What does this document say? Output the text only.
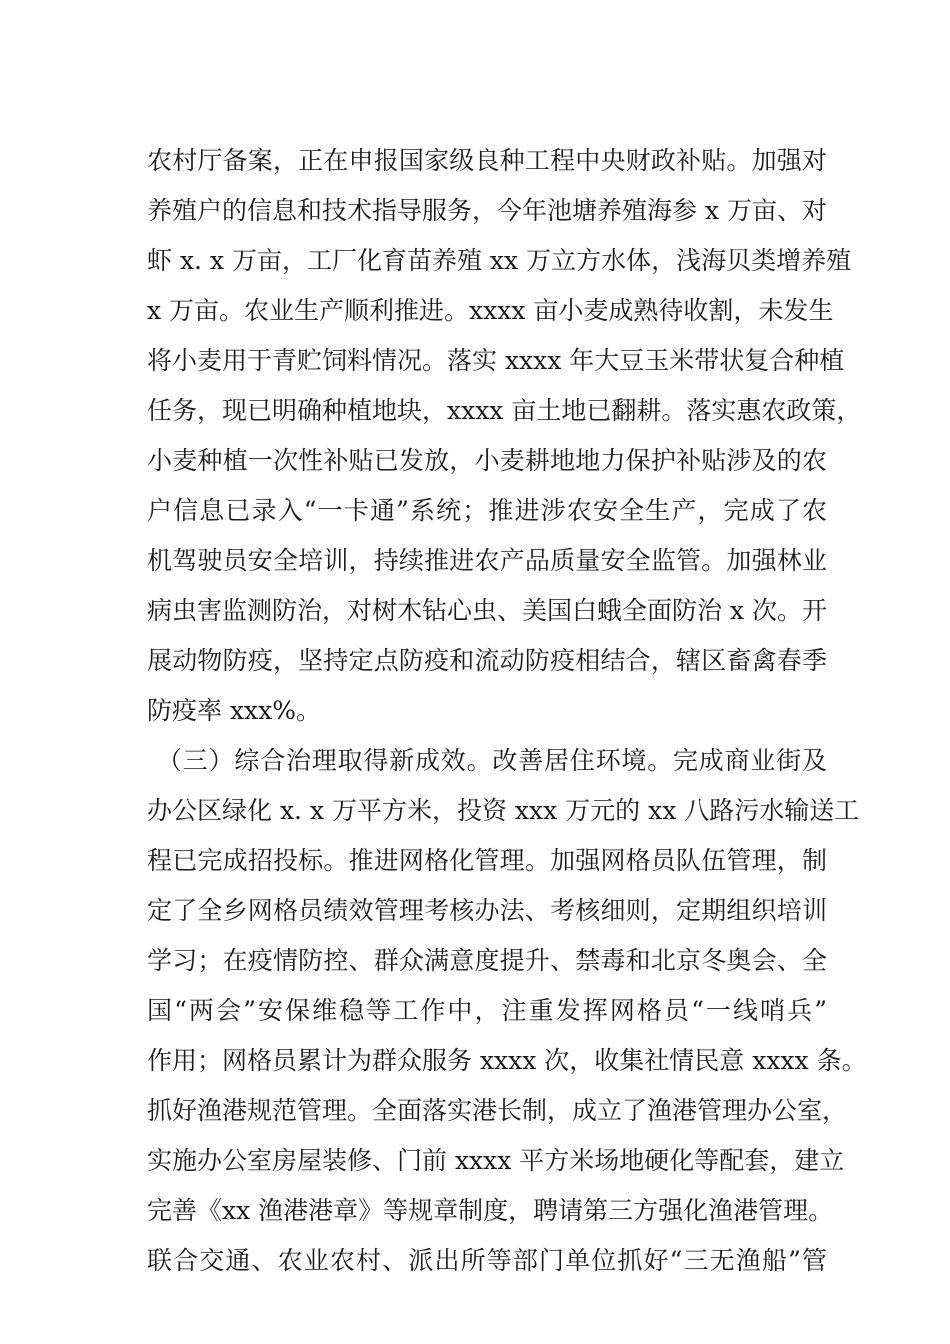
农村厅备案，正在申报国家级良种工程中央财政补贴。加强对
养殖户的信息和技术指导服务，今年池塘养殖海参 x 万亩、对
虾 x. x 万亩，工厂化育苗养殖 xx 万立方水体，浅海贝类增养殖
x 万亩。农业生产顺利推进。xxxx 亩小麦成熟待收割，未发生
将小麦用于青贮饲料情况。落实 xxxx 年大豆玉米带状复合种植
任务，现已明确种植地块，xxxx 亩土地已翻耕。落实惠农政策，
小麦种植一次性补贴已发放，小麦耕地地力保护补贴涉及的农
户信息已录入“一卡通”系统；推进涉农安全生产，完成了农
机驾驶员安全培训，持续推进农产品质量安全监管。加强林业
病虫害监测防治，对树木钻心虫、美国白蛾全面防治 x 次。开
展动物防疫，坚持定点防疫和流动防疫相结合，辖区畜禽春季
防疫率 xxx%。
（三）综合治理取得新成效。改善居住环境。完成商业街及
办公区绿化 x. x 万平方米，投资 xxx 万元的 xx 八路污水输送工
程已完成招投标。推进网格化管理。加强网格员队伍管理，制
定了全乡网格员绩效管理考核办法、考核细则，定期组织培训
学习；在疫情防控、群众满意度提升、禁毒和北京冬奥会、全
国“两会”安保维稳等工作中，注重发挥网格员“一线哨兵”
作用；网格员累计为群众服务 xxxx 次，收集社情民意 xxxx 条。
抓好渔港规范管理。全面落实港长制，成立了渔港管理办公室，
实施办公室房屋装修、门前 xxxx 平方米场地硬化等配套，建立
完善《xx 渔港港章》等规章制度，聘请第三方强化渔港管理。
联合交通、农业农村、派出所等部门单位抓好“三无渔船”管
